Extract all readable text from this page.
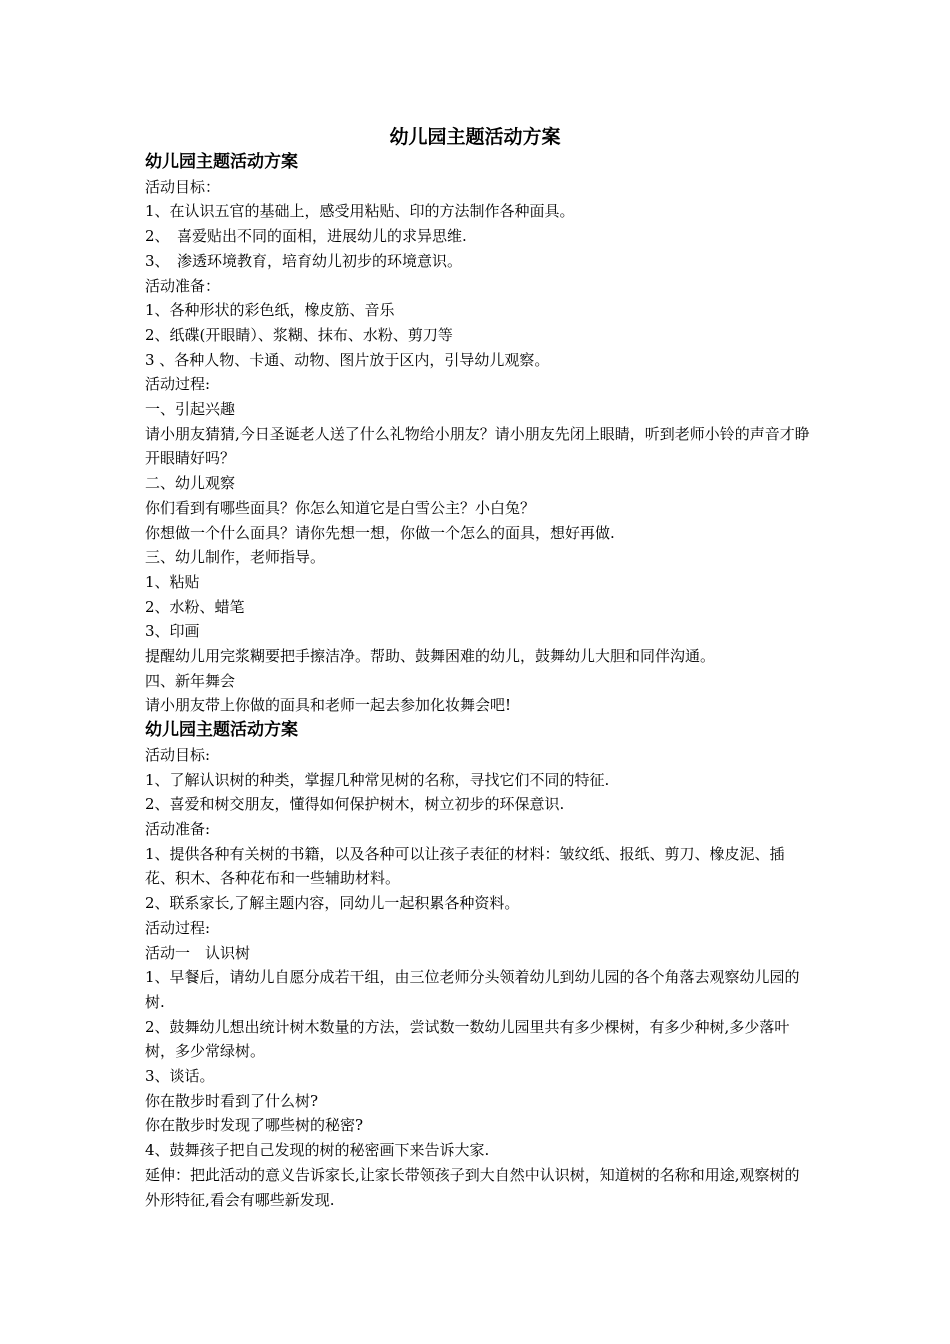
幼儿园主题活动方案

幼儿园主题活动方案

活动目标：

1、在认识五官的基础上，感受用粘贴、印的方法制作各种面具。

2、　喜爱贴出不同的面相，进展幼儿的求异思维.

3、　渗透环境教育，培育幼儿初步的环境意识。

活动准备：

1、各种形状的彩色纸，橡皮筋、音乐

2、纸碟(开眼睛）、浆糊、抹布、水粉、剪刀等

3 、各种人物、卡通、动物、图片放于区内，引导幼儿观察。

活动过程:

一、引起兴趣

请小朋友猜猜,今日圣诞老人送了什么礼物给小朋友？请小朋友先闭上眼睛，听到老师小铃的声音才睁开眼睛好吗？

二、幼儿观察

你们看到有哪些面具？你怎么知道它是白雪公主？小白兔？

你想做一个什么面具？请你先想一想，你做一个怎么的面具，想好再做.

三、幼儿制作，老师指导。

1、粘贴

2、水粉、蜡笔

3、印画

提醒幼儿用完浆糊要把手擦洁净。帮助、鼓舞困难的幼儿，鼓舞幼儿大胆和同伴沟通。

四、新年舞会

请小朋友带上你做的面具和老师一起去参加化妆舞会吧!

幼儿园主题活动方案

活动目标:

1、了解认识树的种类，掌握几种常见树的名称，寻找它们不同的特征.

2、喜爱和树交朋友，懂得如何保护树木，树立初步的环保意识.

活动准备:

1、提供各种有关树的书籍，以及各种可以让孩子表征的材料：皱纹纸、报纸、剪刀、橡皮泥、插花、积木、各种花布和一些辅助材料。

2、联系家长,了解主题内容，同幼儿一起积累各种资料。

活动过程:

活动一　认识树

1、早餐后，请幼儿自愿分成若干组，由三位老师分头领着幼儿到幼儿园的各个角落去观察幼儿园的树.

2、鼓舞幼儿想出统计树木数量的方法，尝试数一数幼儿园里共有多少棵树，有多少种树,多少落叶树，多少常绿树。

3、谈话。

你在散步时看到了什么树?

你在散步时发现了哪些树的秘密?

4、鼓舞孩子把自己发现的树的秘密画下来告诉大家.

延伸：把此活动的意义告诉家长,让家长带领孩子到大自然中认识树，知道树的名称和用途,观察树的外形特征,看会有哪些新发现.
